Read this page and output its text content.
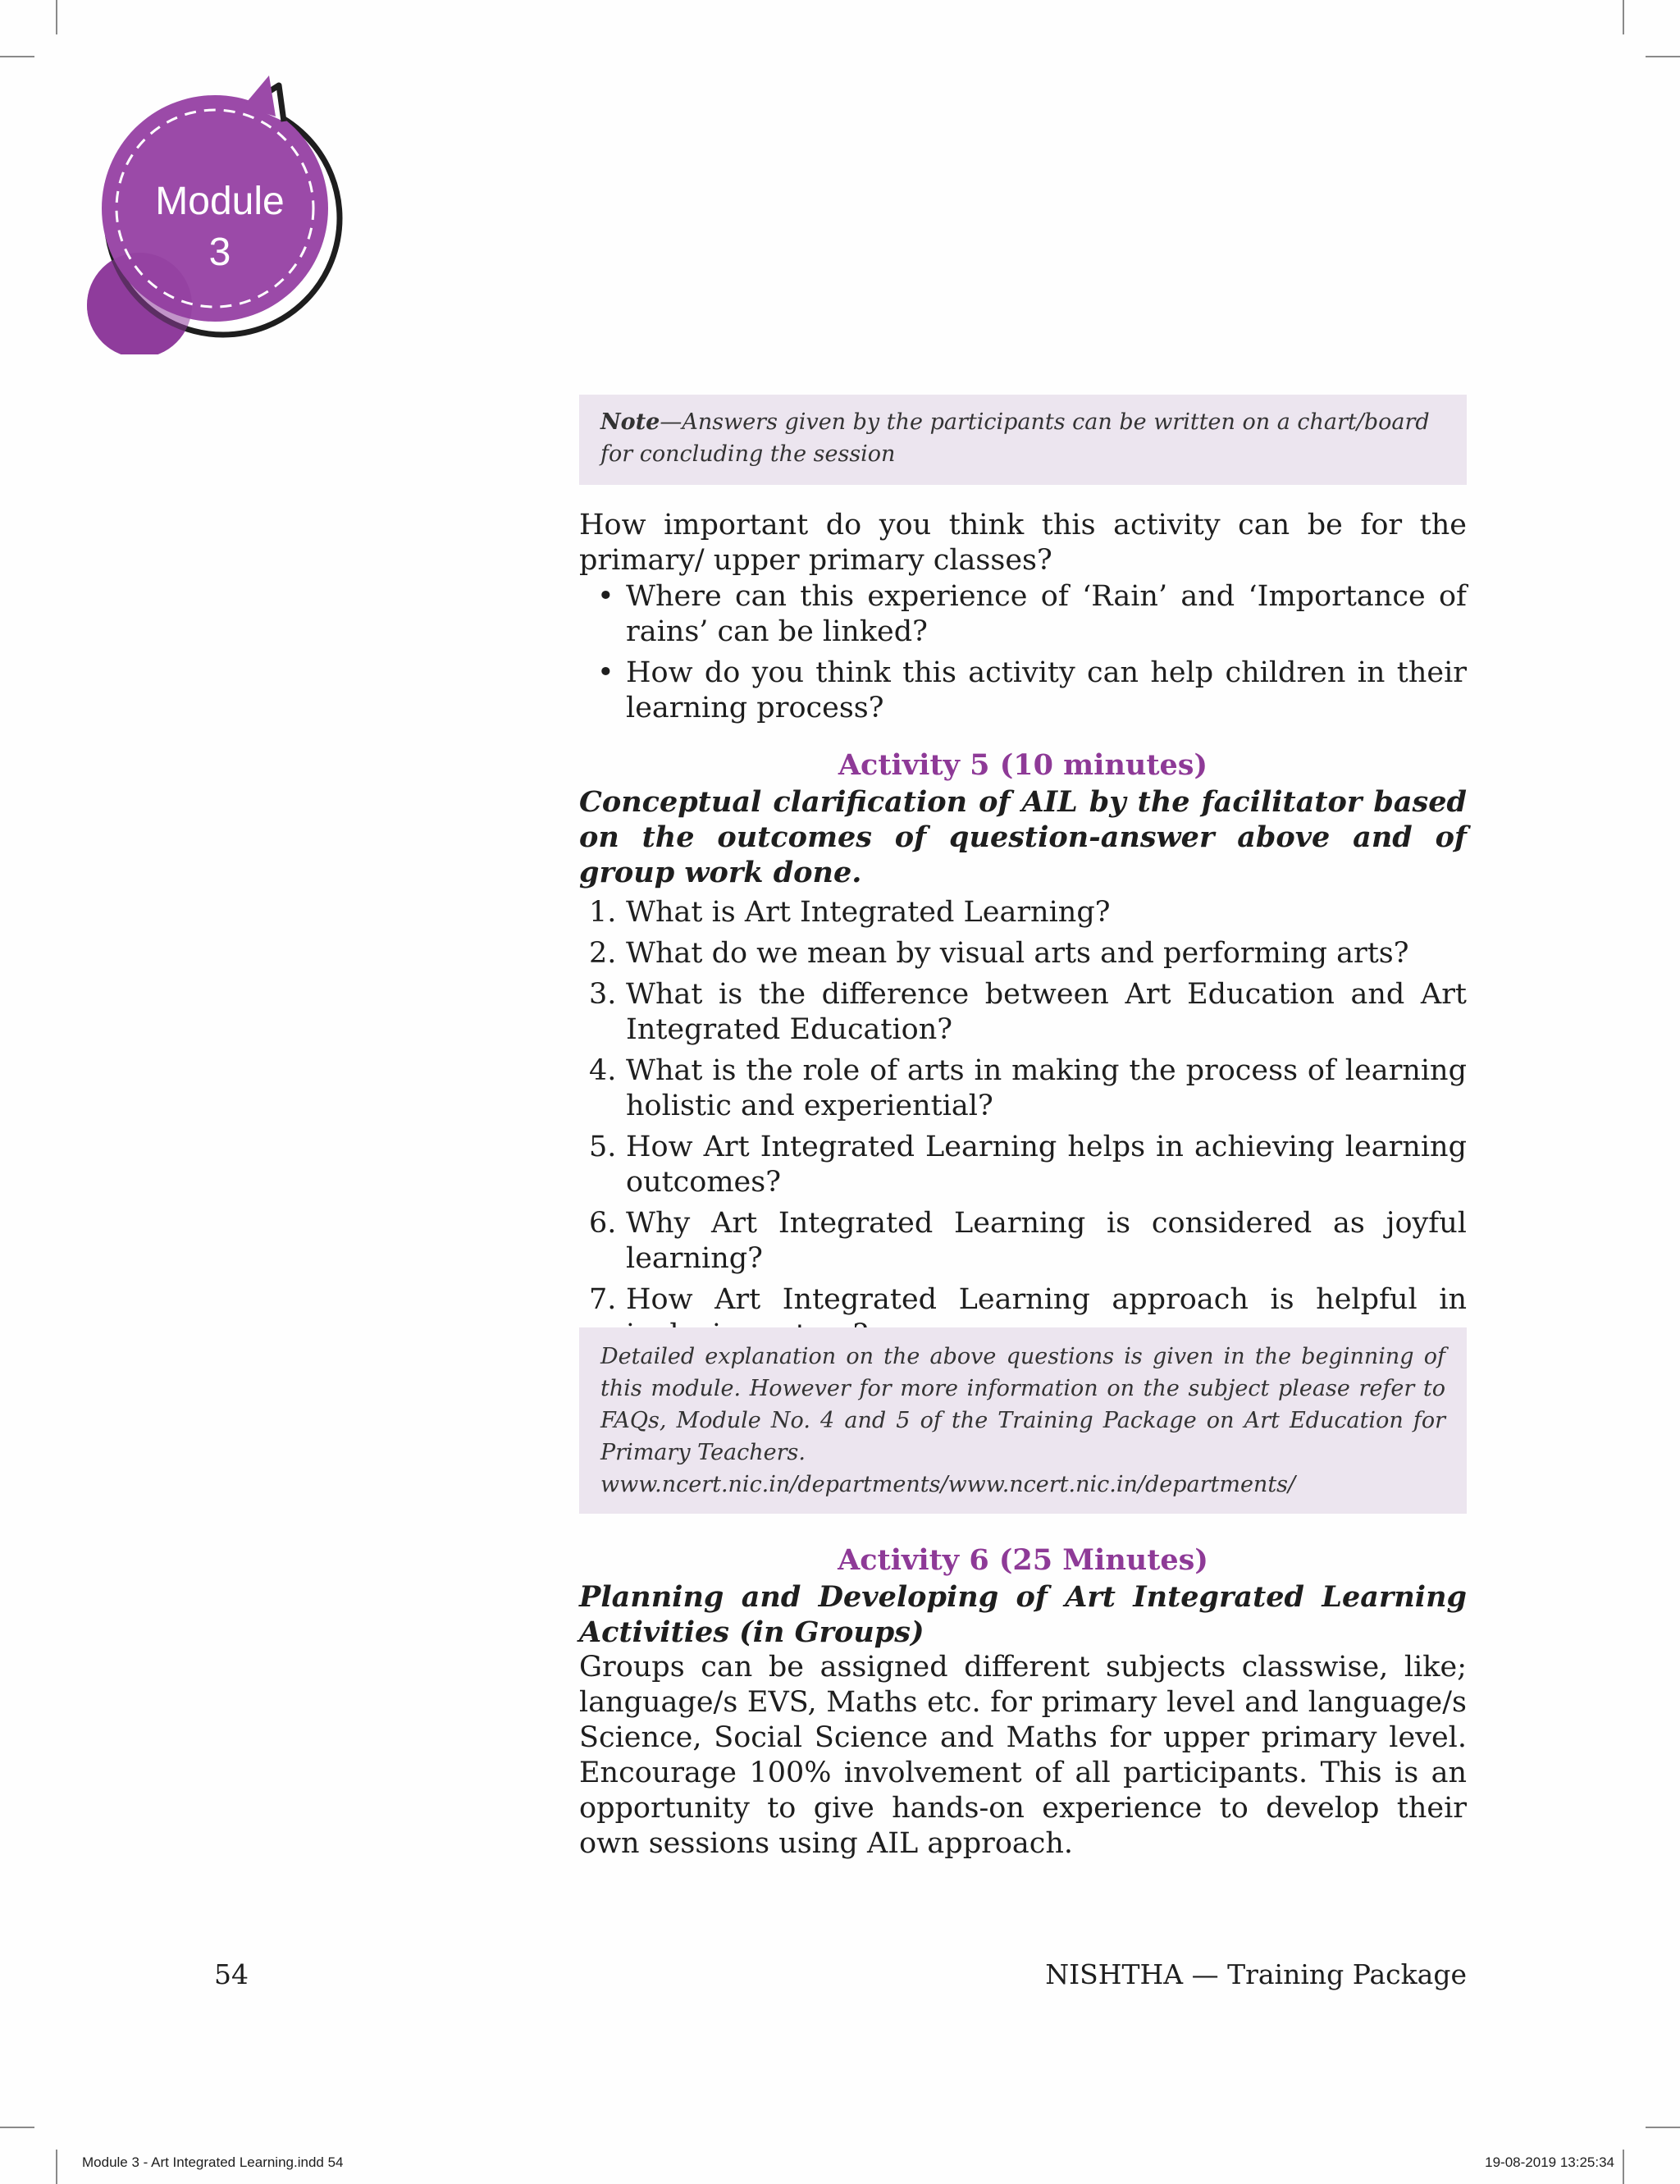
Module
3

Note—Answers given by the participants can be written on a chart/board for concluding the session

How important do you think this activity can be for the primary/ upper primary classes?

• Where can this experience of ‘Rain’ and ‘Importance of rains’ can be linked?
• How do you think this activity can help children in their learning process?
Activity 5 (10 minutes)
Conceptual clarification of AIL by the facilitator based on the outcomes of question-answer above and of group work done.
1. What is Art Integrated Learning?
2. What do we mean by visual arts and performing arts?
3. What is the difference between Art Education and Art Integrated Education?
4. What is the role of arts in making the process of learning holistic and experiential?
5. How Art Integrated Learning helps in achieving learning outcomes?
6. Why Art Integrated Learning is considered as joyful learning?
7. How Art Integrated Learning approach is helpful in

Detailed explanation on the above questions is given in the beginning of this module. However for more information on the subject please refer to FAQs, Module No. 4 and 5 of the Training Package on Art Education for Primary Teachers.

www.ncert.nic.in/departments/www.ncert.nic.in/departments/

Activity 6 (25 Minutes)
Planning and Developing of Art Integrated Learning Activities (in Groups)
Groups can be assigned different subjects classwise, like; language/s EVS, Maths etc. for primary level and language/s Science, Social Science and Maths for upper primary level. Encourage 100% involvement of all participants. This is an opportunity to give hands-on experience to develop their own sessions using AIL approach.
54	NISHTHA — Training Package
Module 3 - Art Integrated Learning.indd 54	19-08-2019 13:25:34
